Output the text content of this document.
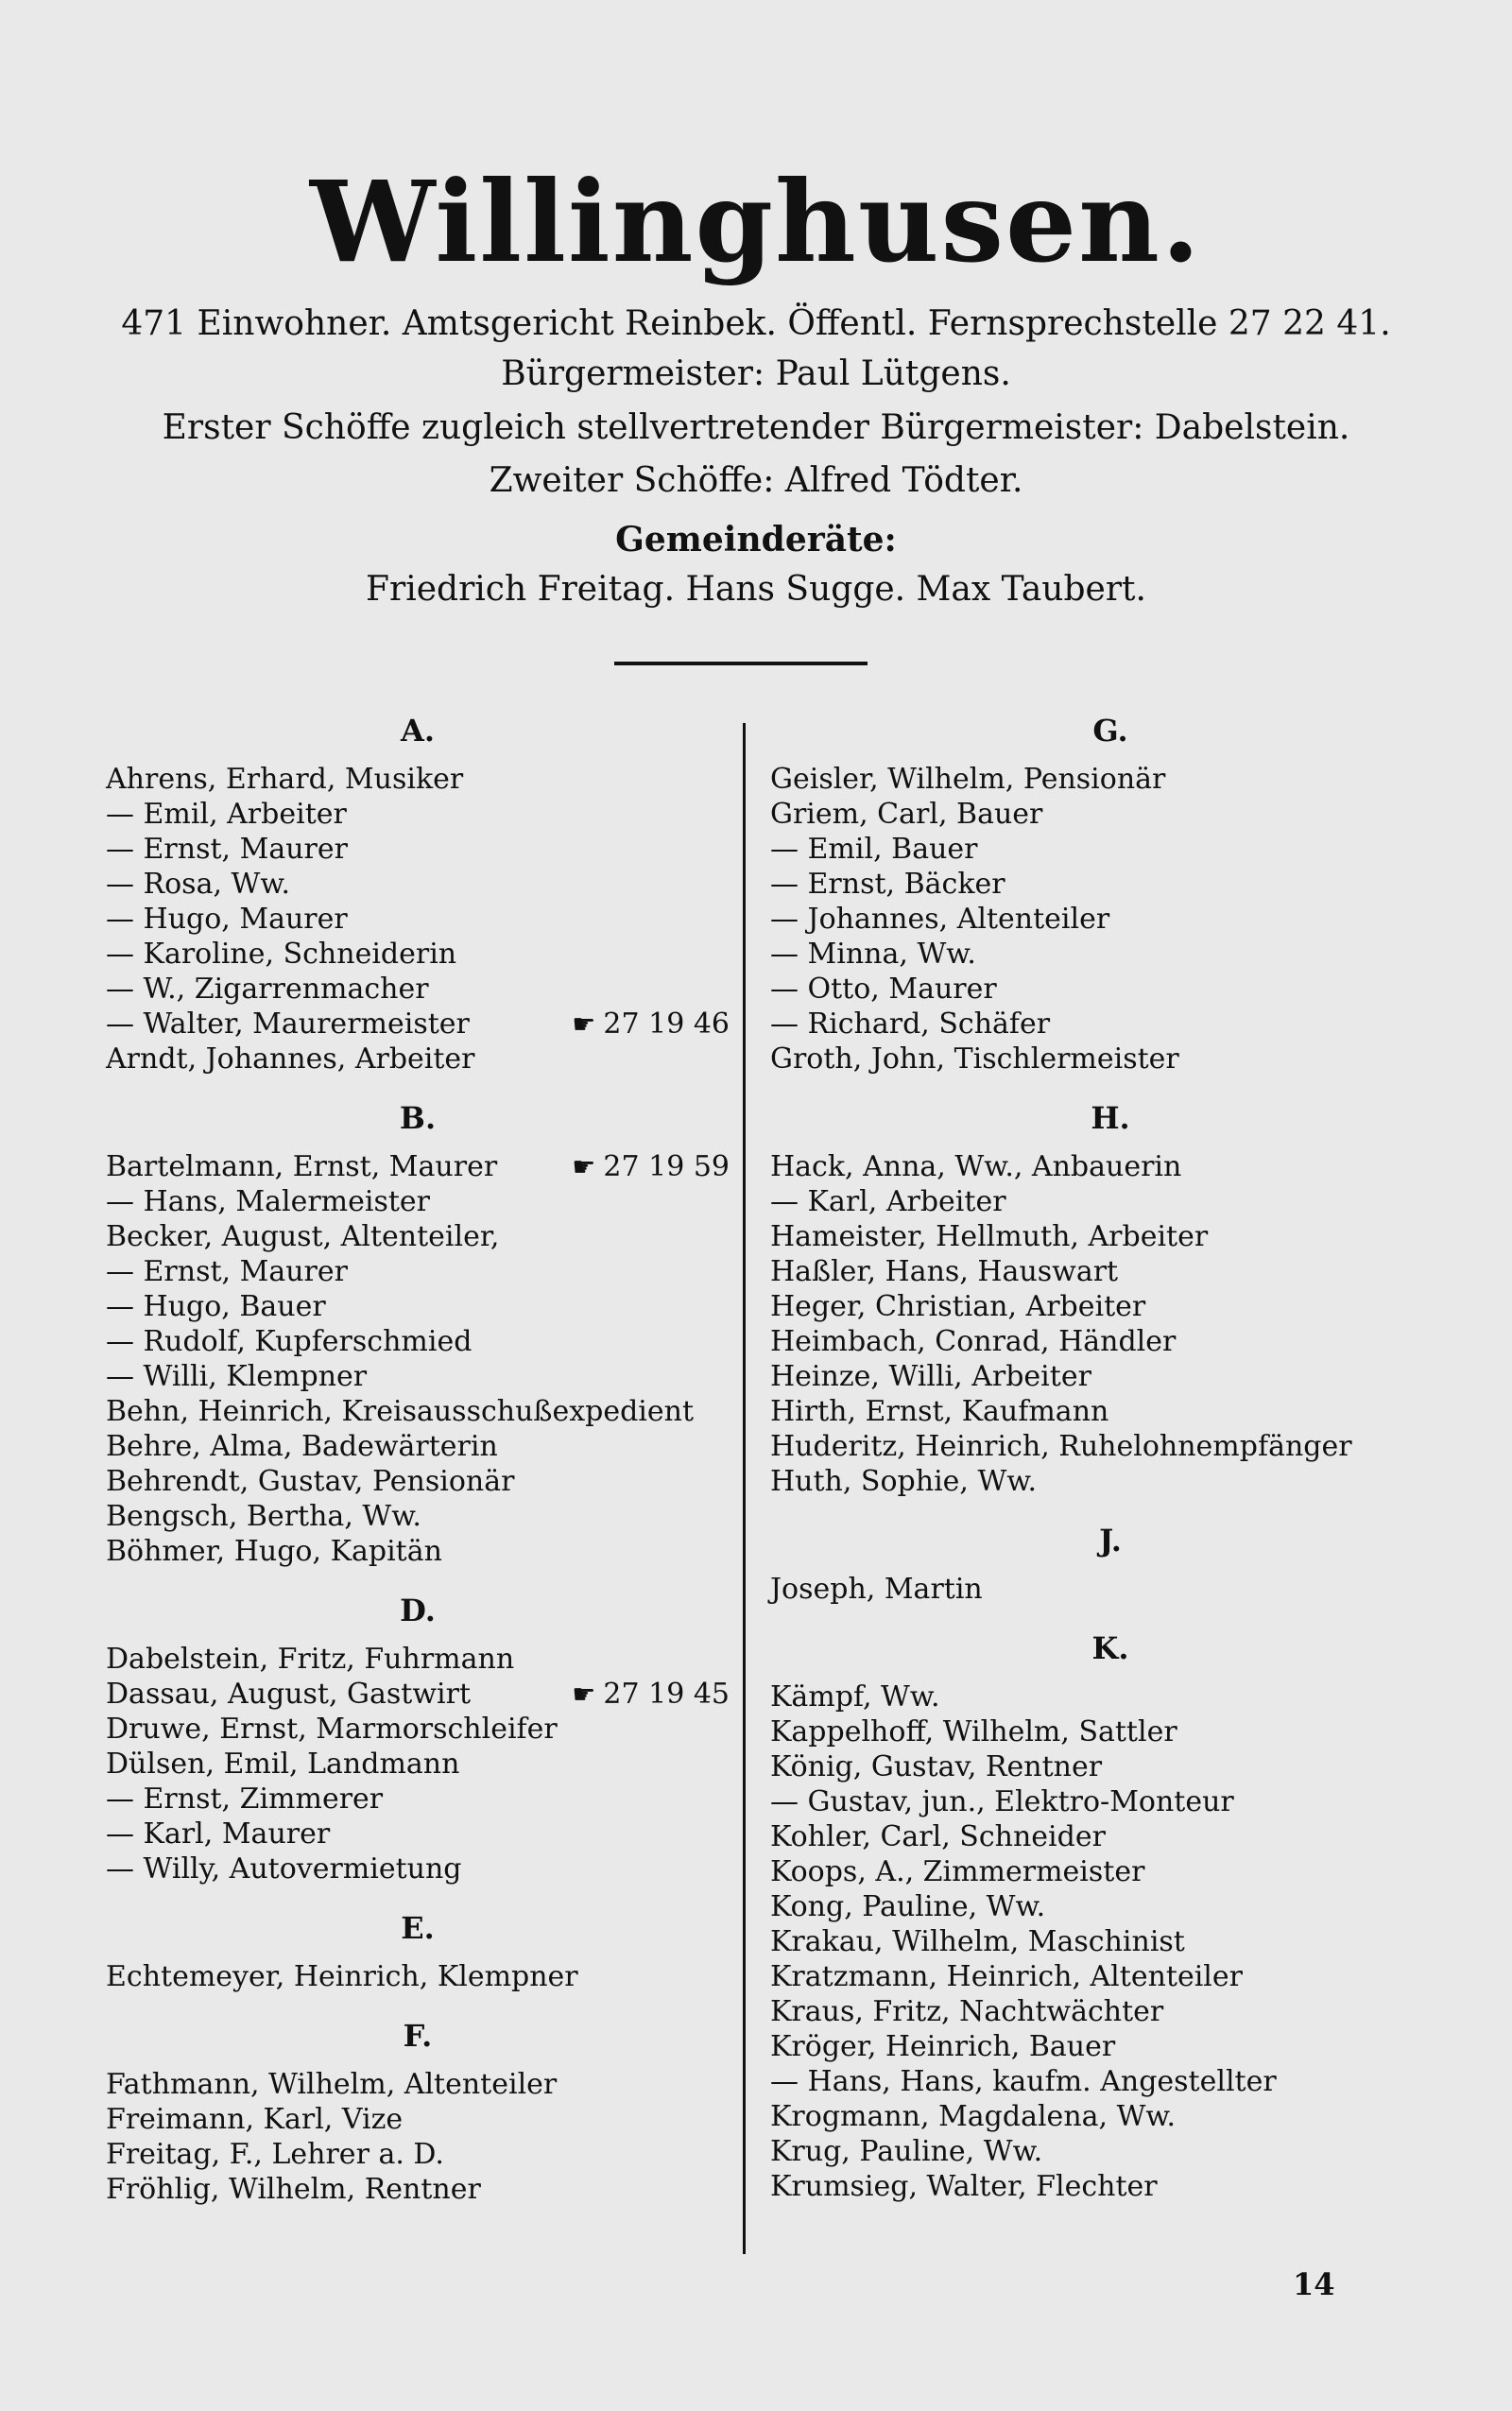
Willinghusen.
471 Einwohner. Amtsgericht Reinbek. Öffentl. Fernsprechstelle 27 22 41.
Bürgermeister: Paul Lütgens.
Erster Schöffe zugleich stellvertretender Bürgermeister: Dabelstein.
Zweiter Schöffe: Alfred Tödter.
Gemeinderäte:
Friedrich Freitag. Hans Sugge. Max Taubert.
A.
Ahrens, Erhard, Musiker
— Emil, Arbeiter
— Ernst, Maurer
— Rosa, Ww.
— Hugo, Maurer
— Karoline, Schneiderin
— W., Zigarrenmacher
— Walter, Maurermeister	☛ 27 19 46
Arndt, Johannes, Arbeiter
B.
Bartelmann, Ernst, Maurer	☛ 27 19 59
— Hans, Malermeister
Becker, August, Altenteiler,
— Ernst, Maurer
— Hugo, Bauer
— Rudolf, Kupferschmied
— Willi, Klempner
Behn, Heinrich, Kreisausschußexpedient
Behre, Alma, Badewärterin
Behrendt, Gustav, Pensionär
Bengsch, Bertha, Ww.
Böhmer, Hugo, Kapitän
D.
Dabelstein, Fritz, Fuhrmann
Dassau, August, Gastwirt	☛ 27 19 45
Druwe, Ernst, Marmorschleifer
Dülsen, Emil, Landmann
— Ernst, Zimmerer
— Karl, Maurer
— Willy, Autovermietung
E.
Echtemeyer, Heinrich, Klempner
F.
Fathmann, Wilhelm, Altenteiler
Freimann, Karl, Vize
Freitag, F., Lehrer a. D.
Fröhlig, Wilhelm, Rentner
G.
Geisler, Wilhelm, Pensionär
Griem, Carl, Bauer
— Emil, Bauer
— Ernst, Bäcker
— Johannes, Altenteiler
— Minna, Ww.
— Otto, Maurer
— Richard, Schäfer
Groth, John, Tischlermeister
H.
Hack, Anna, Ww., Anbauerin
— Karl, Arbeiter
Hameister, Hellmuth, Arbeiter
Haßler, Hans, Hauswart
Heger, Christian, Arbeiter
Heimbach, Conrad, Händler
Heinze, Willi, Arbeiter
Hirth, Ernst, Kaufmann
Huderitz, Heinrich, Ruhelohnempfänger
Huth, Sophie, Ww.
J.
Joseph, Martin
K.
Kämpf, Ww.
Kappelhoff, Wilhelm, Sattler
König, Gustav, Rentner
— Gustav, jun., Elektro-Monteur
Kohler, Carl, Schneider
Koops, A., Zimmermeister
Kong, Pauline, Ww.
Krakau, Wilhelm, Maschinist
Kratzmann, Heinrich, Altenteiler
Kraus, Fritz, Nachtwächter
Kröger, Heinrich, Bauer
— Hans, Hans, kaufm. Angestellter
Krogmann, Magdalena, Ww.
Krug, Pauline, Ww.
Krumsieg, Walter, Flechter
14
